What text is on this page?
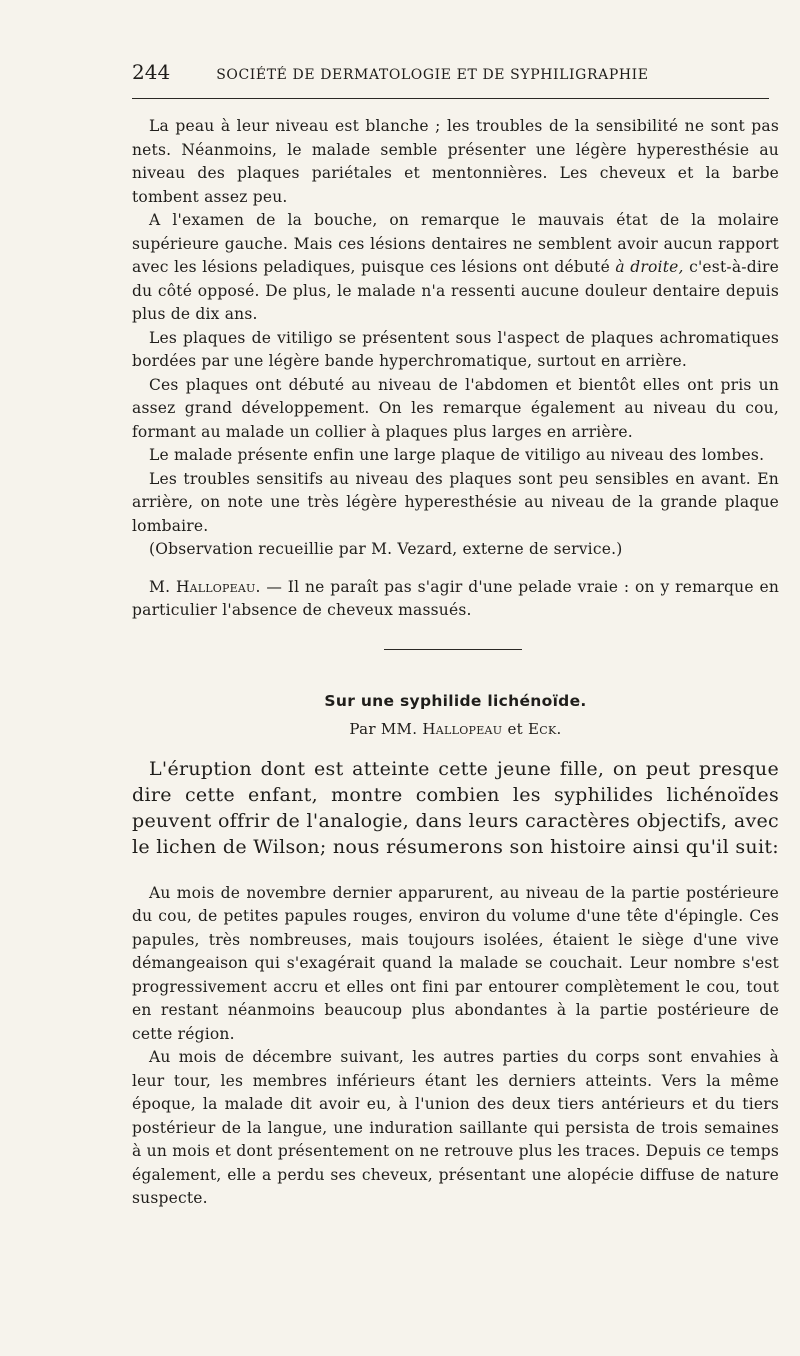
244	SOCIÉTÉ DE DERMATOLOGIE ET DE SYPHILIGRAPHIE

La peau à leur niveau est blanche ; les troubles de la sensibilité ne sont pas nets. Néanmoins, le malade semble présenter une légère hyperesthésie au niveau des plaques pariétales et mentonnières. Les cheveux et la barbe tombent assez peu.

A l'examen de la bouche, on remarque le mauvais état de la molaire supérieure gauche. Mais ces lésions dentaires ne semblent avoir aucun rapport avec les lésions peladiques, puisque ces lésions ont débuté à droite, c'est-à-dire du côté opposé. De plus, le malade n'a ressenti aucune douleur dentaire depuis plus de dix ans.

Les plaques de vitiligo se présentent sous l'aspect de plaques achromatiques bordées par une légère bande hyperchromatique, surtout en arrière.

Ces plaques ont débuté au niveau de l'abdomen et bientôt elles ont pris un assez grand développement. On les remarque également au niveau du cou, formant au malade un collier à plaques plus larges en arrière.

Le malade présente enfin une large plaque de vitiligo au niveau des lombes.

Les troubles sensitifs au niveau des plaques sont peu sensibles en avant. En arrière, on note une très légère hyperesthésie au niveau de la grande plaque lombaire.

(Observation recueillie par M. Vezard, externe de service.)

M. Hallopeau. — Il ne paraît pas s'agir d'une pelade vraie : on y remarque en particulier l'absence de cheveux massués.
Sur une syphilide lichénoïde.
Par MM. Hallopeau et Eck.
L'éruption dont est atteinte cette jeune fille, on peut presque dire cette enfant, montre combien les syphilides lichénoïdes peuvent offrir de l'analogie, dans leurs caractères objectifs, avec le lichen de Wilson; nous résumerons son histoire ainsi qu'il suit:

Au mois de novembre dernier apparurent, au niveau de la partie postérieure du cou, de petites papules rouges, environ du volume d'une tête d'épingle. Ces papules, très nombreuses, mais toujours isolées, étaient le siège d'une vive démangeaison qui s'exagérait quand la malade se couchait. Leur nombre s'est progressivement accru et elles ont fini par entourer complètement le cou, tout en restant néanmoins beaucoup plus abondantes à la partie postérieure de cette région.

Au mois de décembre suivant, les autres parties du corps sont envahies à leur tour, les membres inférieurs étant les derniers atteints. Vers la même époque, la malade dit avoir eu, à l'union des deux tiers antérieurs et du tiers postérieur de la langue, une induration saillante qui persista de trois semaines à un mois et dont présentement on ne retrouve plus les traces. Depuis ce temps également, elle a perdu ses cheveux, présentant une alopécie diffuse de nature suspecte.
